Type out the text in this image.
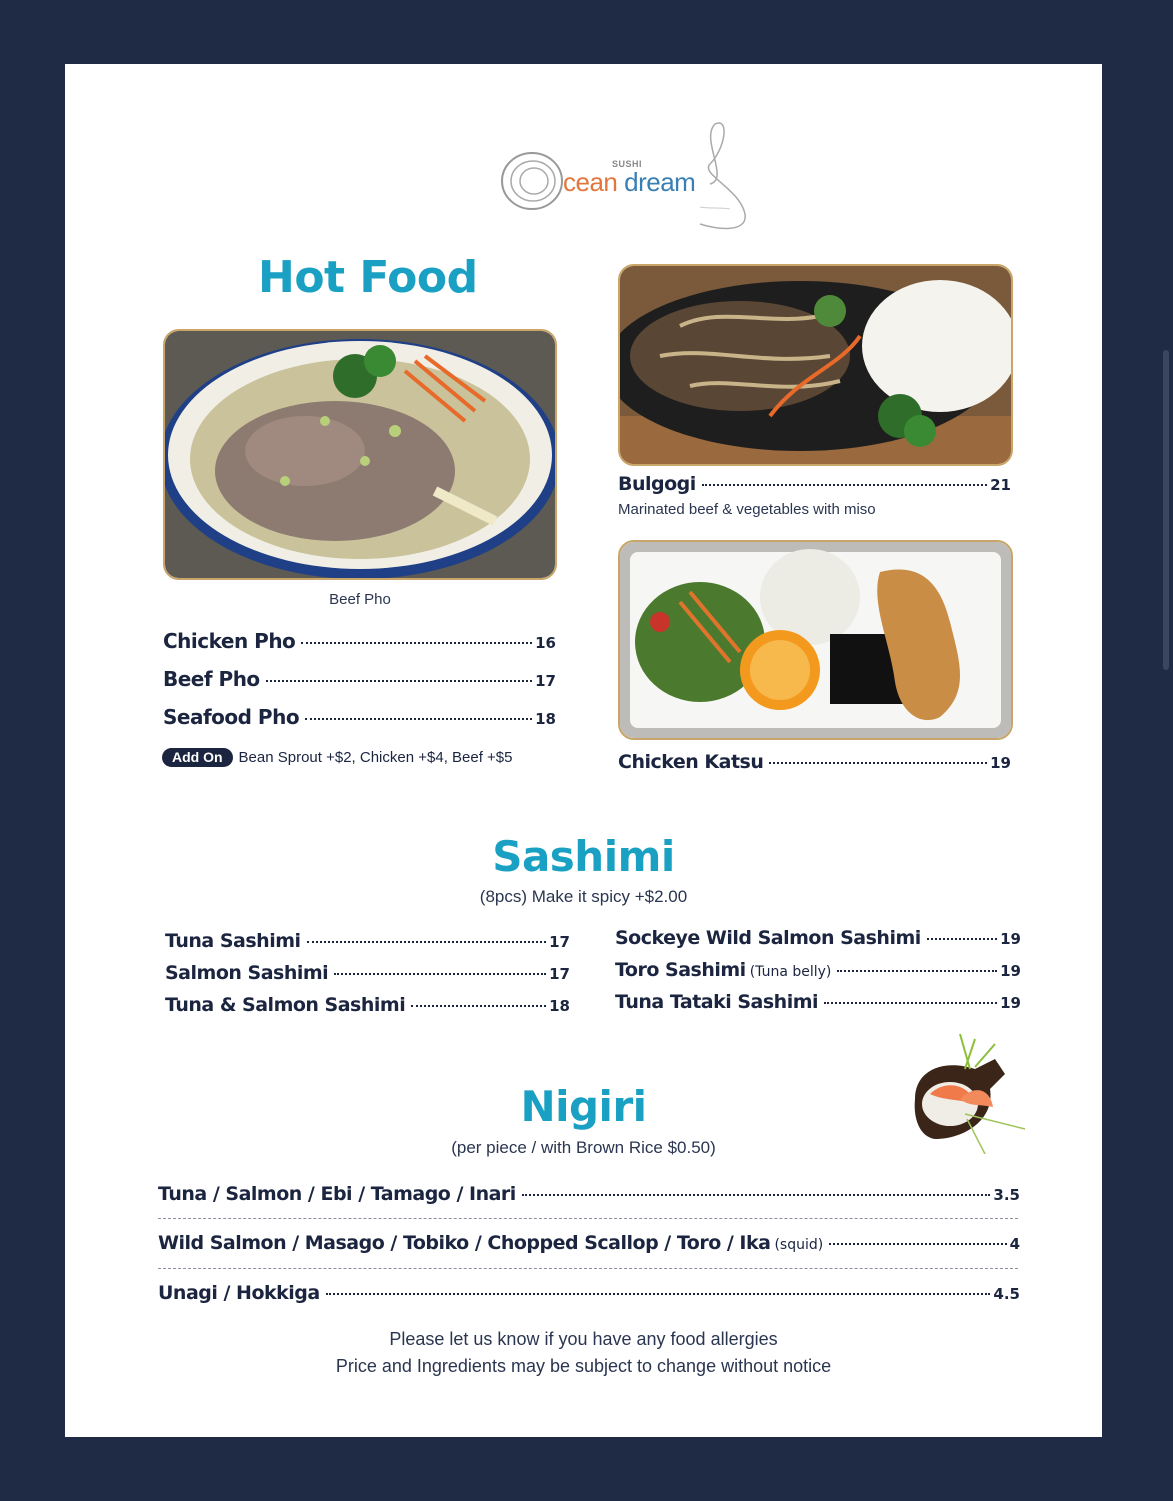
SUSHI
cean dream
Hot Food
Beef Pho
Chicken Pho	16
Beef Pho	17
Seafood Pho	18
Add On	Bean Sprout +$2, Chicken +$4, Beef +$5
Bulgogi	21
Marinated beef & vegetables with miso
Chicken Katsu	19
Sashimi
(8pcs) Make it spicy +$2.00
Tuna Sashimi	17
Salmon Sashimi	17
Tuna & Salmon Sashimi	18
Sockeye Wild Salmon Sashimi	19
Toro Sashimi (Tuna belly)	19
Tuna Tataki Sashimi	19
Nigiri
(per piece / with Brown Rice $0.50)
Tuna / Salmon / Ebi / Tamago / Inari	3.5
Wild Salmon / Masago / Tobiko / Chopped Scallop / Toro / Ika (squid)	4
Unagi / Hokkiga	4.5
Please let us know if you have any food allergies
Price and Ingredients may be subject to change without notice
